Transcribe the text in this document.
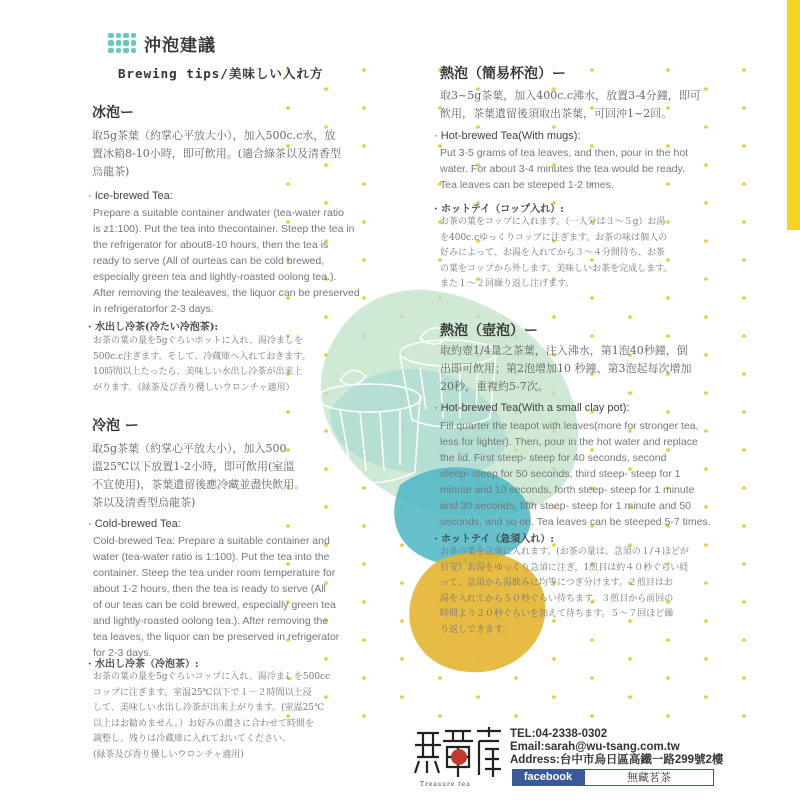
沖泡建議
Brewing tips/美味しい入れ方
冰泡ー
取5g茶葉（約掌心平放大小），加入500c.c水，放
置冰箱8-10小時，即可飲用。(適合綠茶以及清香型
烏龍茶)
· Ice-brewed Tea:
Prepare a suitable container andwater (tea-water ratio
is z1:100). Put the tea into thecontainer. Steep the tea in
the refrigerator for about8-10 hours, then the tea is
ready to serve (All of ourteas can be cold brewed,
especially green tea and lightly-roasted oolong tea.).
After removing the tealeaves, the liquor can be preserved
in refrigeratorfor 2-3 days.
· 水出し冷茶(冷たい冷泡茶):
お茶の葉の量を5gぐらいポットに入れ、湯冷ましを
500c.c注ぎます。そして、冷蔵庫へ入れておきます。
10時間以上たったら、美味しい水出し冷茶が出来上
がります。（緑茶及び香り優しいウロンチャ適用）
冷泡 ー
取5g茶葉（約掌心平放大小），加入500
溫25℃以下放置1-2小時，即可飲用(室溫
不宜使用)，茶葉遺留後應冷藏並盡快飲用。
茶以及清香型烏龍茶)
· Cold-brewed Tea:
Cold-brewed Tea: Prepare a suitable container and
water (tea-water ratio is 1:100). Put the tea into the
container. Steep the tea under room temperature for
about 1-2 hours, then the tea is ready to serve (All
of our teas can be cold brewed, especially green tea
and lightly-roasted oolong tea.). After removing the
tea leaves, the liquor can be preserved in refrigerator
for 2-3 days.
· 水出し冷茶（冷泡茶）:
お茶の葉の量を5gぐらいコップに入れ、湯冷ましを500cc
コップに注ぎます。室温25℃以下で１－２時間以上浸
して、美味しい水出し冷茶が出来上がります。(室温25℃
以上はお勧めません。）お好みの濃さに合わせて時間を
調整し、残りは冷蔵庫に入れておいてください。
(緑茶及び香り優しいウロンチャ適用)
熱泡（簡易杯泡）ー
取3~5g茶葉，加入400c.c沸水，放置3-4分鐘，即可
飲用，茶葉遺留後須取出茶葉，可回沖1~2回。
· Hot-brewed Tea(With mugs):
Put 3-5 grams of tea leaves, and then, pour in the hot
water. For about 3-4 minutes the tea would be ready.
Tea leaves can be steeped 1-2 times.
· ホットテイ（コップ入れ）:
お茶の葉をコップに入れます。（一人分は３～５g）お湯
を400c.cゆっくりコップに注ぎます。お茶の味は個人の
好みによって、お湯を入れてから３～４分間待ち、お茶
の葉をコップから外します。美味しいお茶を完成します。
また１～２回繰り返し注げます。
熱泡（壺泡）ー
取約壺1/4量之茶葉，注入沸水，第1泡40秒鐘，倒
出即可飲用；第2泡增加10 秒鐘、第3泡起每次增加
20秒，重複約5-7次。
· Hot-brewed Tea(With a small clay pot):
Fill quarter the teapot with leaves(more for stronger tea,
less for lighter). Then, pour in the hot water and replace
the lid. First steep- steep for 40 seconds, second
steep- steep for 50 seconds, third steep- steep for 1
minute and 10 seconds, forth steep- steep for 1 minute
and 30 seconds, fifth steep- steep for 1 minute and 50
seconds, and so on. Tea leaves can be steeped 5-7 times.
· ホットテイ（急須入れ）:
お茶の葉を急須に入れます。(お茶の量は、急須の１/４ほどが
目安）お湯をゆっくり急須に注ぎ，1煎目は約４０秒ぐらい経
って、急須から湯飲みに均等につぎ分けます。２煎目はお
湯を入れてから５０秒ぐらい待ちます。３煎目から前回の
時間より２０秒ぐらいを加えて待ちます。５～７回ほど繰
り返しできます。
Treasure tea
TEL:04-2338-0302
Email:sarah@wu-tsang.com.tw
Address:台中市烏日區高鐵一路299號2樓
facebook	無藏茗茶
